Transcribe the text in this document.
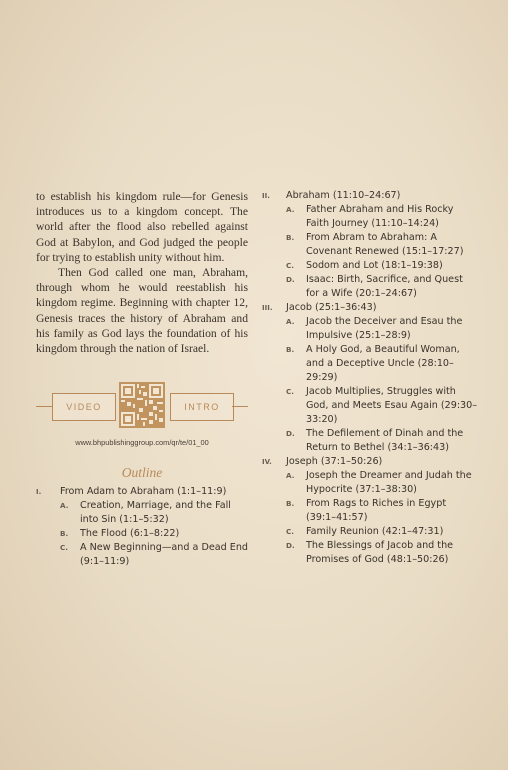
to establish his kingdom rule—for Genesis introduces us to a kingdom concept. The world after the flood also rebelled against God at Babylon, and God judged the people for trying to establish unity without him.

Then God called one man, Abraham, through whom he would reestablish his kingdom regime. Beginning with chapter 12, Genesis traces the history of Abraham and his family as God lays the foundation of his kingdom through the nation of Israel.

VIDEO	INTRO
www.bhpublishinggroup.com/qr/te/01_00
Outline
I.	From Adam to Abraham (1:1–11:9)
A.	Creation, Marriage, and the Fall into Sin (1:1–5:32)
B.	The Flood (6:1–8:22)
C.	A New Beginning—and a Dead End (9:1–11:9)
II.	Abraham (11:10–24:67)
A.	Father Abraham and His Rocky Faith Journey (11:10–14:24)
B.	From Abram to Abraham: A Covenant Renewed (15:1–17:27)
C.	Sodom and Lot (18:1–19:38)
D.	Isaac: Birth, Sacrifice, and Quest for a Wife (20:1–24:67)
III.	Jacob (25:1–36:43)
A.	Jacob the Deceiver and Esau the Impulsive (25:1–28:9)
B.	A Holy God, a Beautiful Woman, and a Deceptive Uncle (28:10–29:29)
C.	Jacob Multiplies, Struggles with God, and Meets Esau Again (29:30–33:20)
D.	The Defilement of Dinah and the Return to Bethel (34:1–36:43)
IV.	Joseph (37:1–50:26)
A.	Joseph the Dreamer and Judah the Hypocrite (37:1–38:30)
B.	From Rags to Riches in Egypt (39:1–41:57)
C.	Family Reunion (42:1–47:31)
D.	The Blessings of Jacob and the Promises of God (48:1–50:26)
